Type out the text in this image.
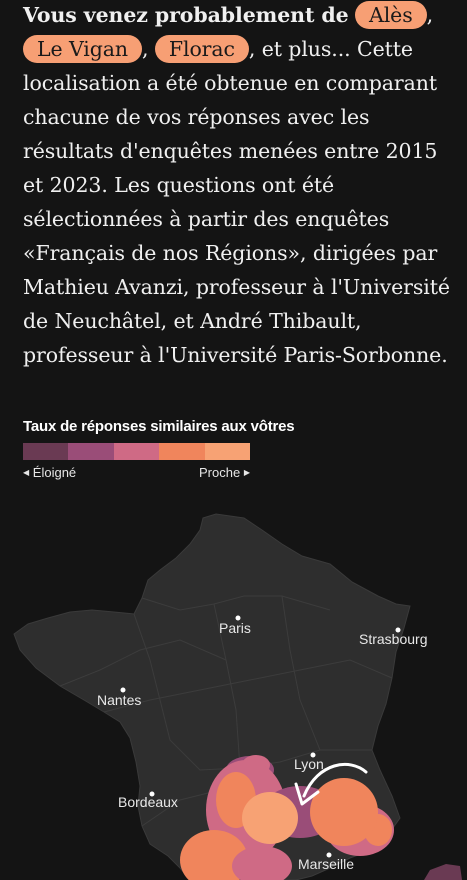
Vous venez probablement de Alès , Le Vigan , Florac , et plus... Cette localisation a été obtenue en comparant chacune de vos réponses avec les résultats d'enquêtes menées entre 2015 et 2023. Les questions ont été sélectionnées à partir des enquêtes «Français de nos Régions», dirigées par Mathieu Avanzi, professeur à l'Université de Neuchâtel, et André Thibault, professeur à l'Université Paris-Sorbonne.
Taux de réponses similaires aux vôtres
◀ Éloigné	Proche ▶
Paris
Strasbourg
Nantes
Lyon
Bordeaux
Marseille
